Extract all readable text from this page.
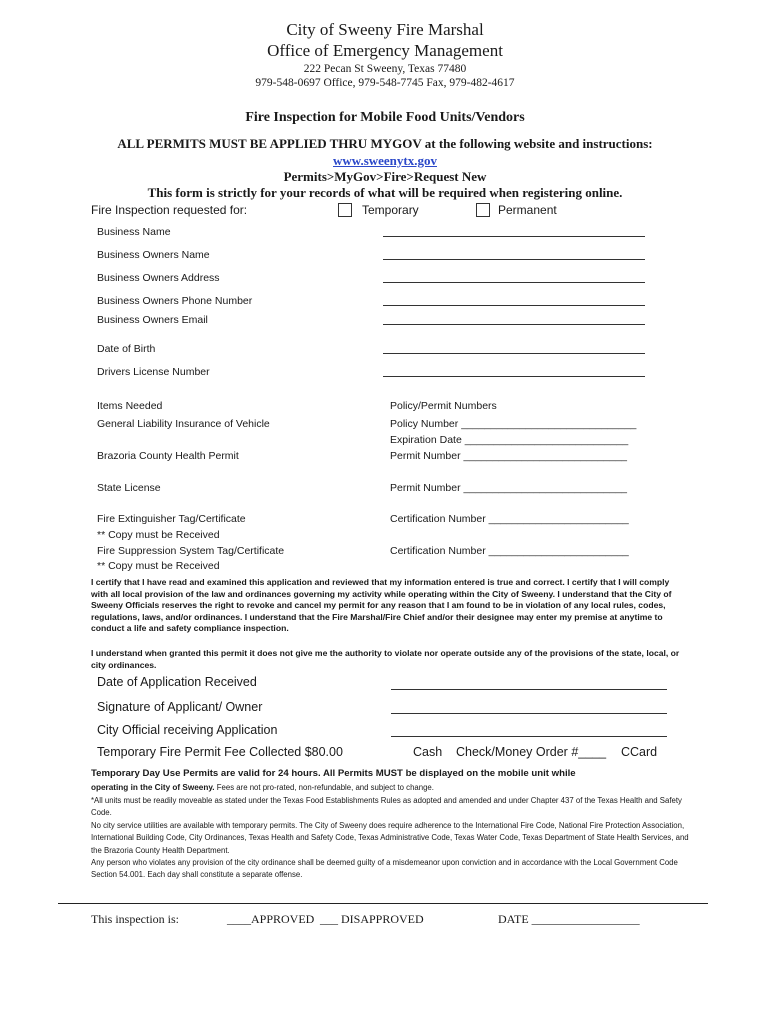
City of Sweeny Fire Marshal
Office of Emergency Management
222 Pecan St Sweeny, Texas 77480
979-548-0697 Office, 979-548-7745 Fax, 979-482-4617
Fire Inspection for Mobile Food Units/Vendors
ALL PERMITS MUST BE APPLIED THRU MYGOV at the following website and instructions:
www.sweenytx.gov
Permits>MyGov>Fire>Request New
This form is strictly for your records of what will be required when registering online.
Fire Inspection requested for:	Temporary	Permanent
Business Name
Business Owners Name
Business Owners Address
Business Owners Phone Number
Business Owners Email
Date of Birth
Drivers License Number
Items Needed	Policy/Permit Numbers
General Liability Insurance of Vehicle	Policy Number ______________________________
Expiration Date ____________________________
Brazoria County Health Permit	Permit Number ____________________________
State License	Permit Number ____________________________
Fire Extinguisher Tag/Certificate	Certification Number ________________________
** Copy must be Received
Fire Suppression System Tag/Certificate	Certification Number ________________________
** Copy must be Received
I certify that I have read and examined this application and reviewed that my information entered is true and correct. I certify that I will comply with all local provision of the law and ordinances governing my activity while operating within the City of Sweeny. I understand that the City of Sweeny Officials reserves the right to revoke and cancel my permit for any reason that I am found to be in violation of any local rules, codes, regulations, laws, and/or ordinances. I understand that the Fire Marshal/Fire Chief and/or their designee may enter my premise at anytime to conduct a life and safety compliance inspection.
I understand when granted this permit it does not give me the authority to violate nor operate outside any of the provisions of the state, local, or city ordinances.
Date of Application Received
Signature of Applicant/ Owner
City Official receiving Application
Temporary Fire Permit Fee Collected $80.00	Cash Check/Money Order #____ CCard
Temporary Day Use Permits are valid for 24 hours. All Permits MUST be displayed on the mobile unit while
operating in the City of Sweeny. Fees are not pro-rated, non-refundable, and subject to change.
*All units must be readily moveable as stated under the Texas Food Establishments Rules as adopted and amended and under Chapter 437 of the Texas Health and Safety Code.
No city service utilities are available with temporary permits. The City of Sweeny does require adherence to the International Fire Code, National Fire Protection Association, International Building Code, City Ordinances, Texas Health and Safety Code, Texas Administrative Code, Texas Water Code, Texas Department of State Health Services, and the Brazoria County Health Department.
Any person who violates any provision of the city ordinance shall be deemed guilty of a misdemeanor upon conviction and in accordance with the Local Government Code Section 54.001. Each day shall constitute a separate offense.
This inspection is:	____APPROVED ___ DISAPPROVED	DATE __________________
